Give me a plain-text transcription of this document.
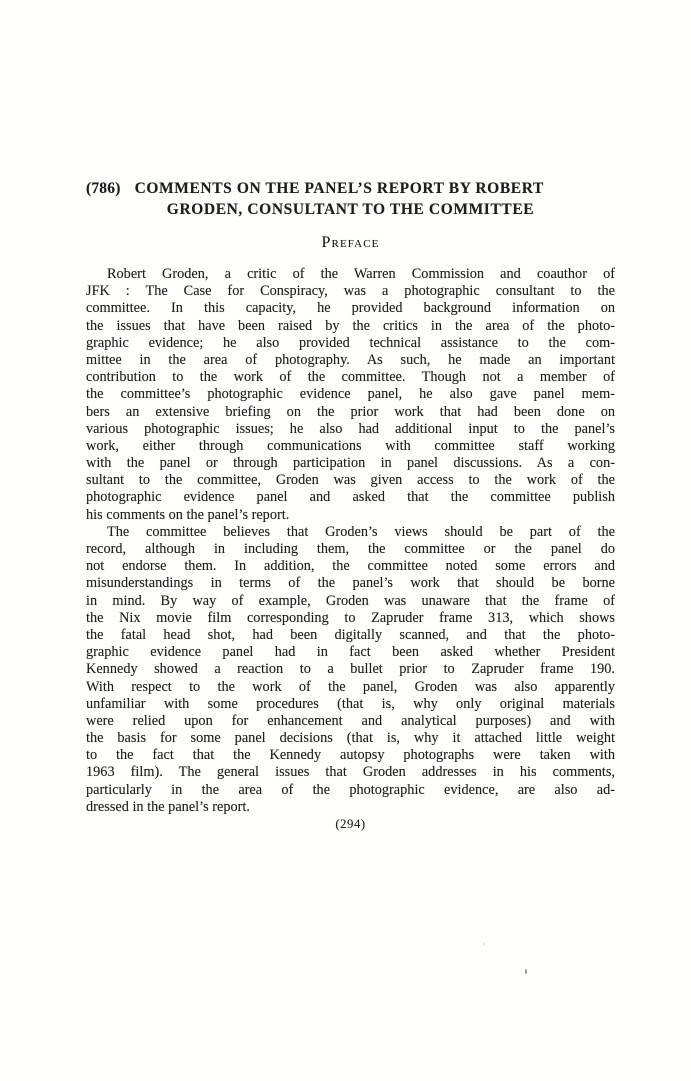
(786) COMMENTS ON THE PANEL’S REPORT BY ROBERT
GRODEN, CONSULTANT TO THE COMMITTEE
Preface
Robert Groden, a critic of the Warren Commission and coauthor of
JFK : The Case for Conspiracy, was a photographic consultant to the
committee. In this capacity, he provided background information on
the issues that have been raised by the critics in the area of the photo-
graphic evidence; he also provided technical assistance to the com-
mittee in the area of photography. As such, he made an important
contribution to the work of the committee. Though not a member of
the committee’s photographic evidence panel, he also gave panel mem-
bers an extensive briefing on the prior work that had been done on
various photographic issues; he also had additional input to the panel’s
work, either through communications with committee staff working
with the panel or through participation in panel discussions. As a con-
sultant to the committee, Groden was given access to the work of the
photographic evidence panel and asked that the committee publish
his comments on the panel’s report.
The committee believes that Groden’s views should be part of the
record, although in including them, the committee or the panel do
not endorse them. In addition, the committee noted some errors and
misunderstandings in terms of the panel’s work that should be borne
in mind. By way of example, Groden was unaware that the frame of
the Nix movie film corresponding to Zapruder frame 313, which shows
the fatal head shot, had been digitally scanned, and that the photo-
graphic evidence panel had in fact been asked whether President
Kennedy showed a reaction to a bullet prior to Zapruder frame 190.
With respect to the work of the panel, Groden was also apparently
unfamiliar with some procedures (that is, why only original materials
were relied upon for enhancement and analytical purposes) and with
the basis for some panel decisions (that is, why it attached little weight
to the fact that the Kennedy autopsy photographs were taken with
1963 film). The general issues that Groden addresses in his comments,
particularly in the area of the photographic evidence, are also ad-
dressed in the panel’s report.
(294)
